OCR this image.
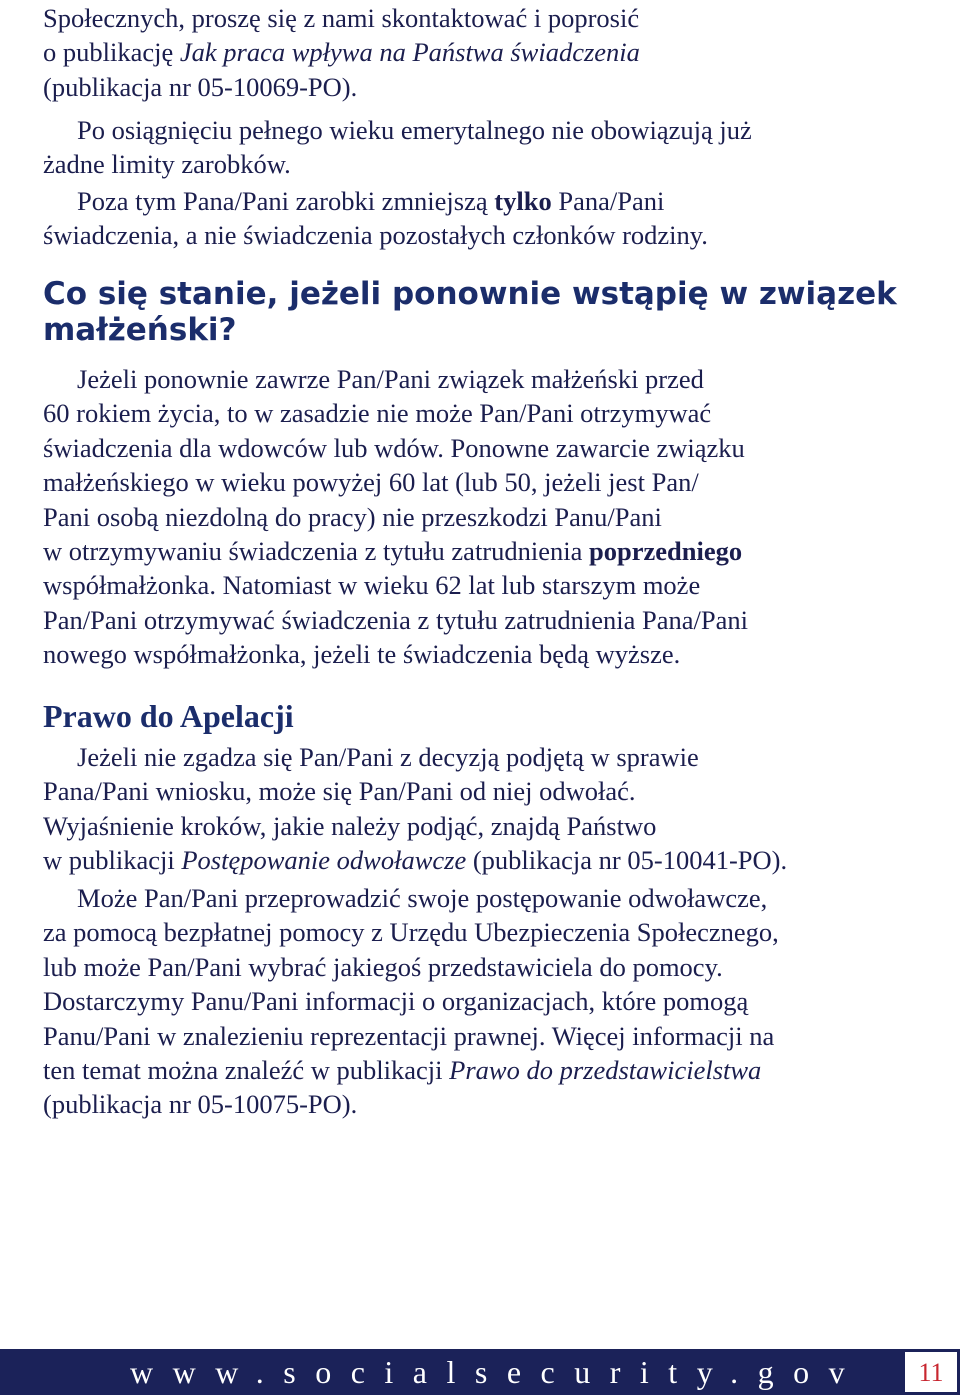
Społecznych, proszę się z nami skontaktować i poprosić
o publikację Jak praca wpływa na Państwa świadczenia
(publikacja nr 05-10069-PO).

Po osiągnięciu pełnego wieku emerytalnego nie obowiązują już
żadne limity zarobków.

Poza tym Pana/Pani zarobki zmniejszą tylko Pana/Pani
świadczenia, a nie świadczenia pozostałych członków rodziny.

Co się stanie, jeżeli ponownie wstąpię w związek
małżeński?

Jeżeli ponownie zawrze Pan/Pani związek małżeński przed
60 rokiem życia, to w zasadzie nie może Pan/Pani otrzymywać
świadczenia dla wdowców lub wdów. Ponowne zawarcie związku
małżeńskiego w wieku powyżej 60 lat (lub 50, jeżeli jest Pan/
Pani osobą niezdolną do pracy) nie przeszkodzi Panu/Pani
w otrzymywaniu świadczenia z tytułu zatrudnienia poprzedniego
współmałżonka. Natomiast w wieku 62 lat lub starszym może
Pan/Pani otrzymywać świadczenia z tytułu zatrudnienia Pana/Pani
nowego współmałżonka, jeżeli te świadczenia będą wyższe.

Prawo do Apelacji

Jeżeli nie zgadza się Pan/Pani z decyzją podjętą w sprawie
Pana/Pani wniosku, może się Pan/Pani od niej odwołać.
Wyjaśnienie kroków, jakie należy podjąć, znajdą Państwo
w publikacji Postępowanie odwoławcze (publikacja nr 05-10041-PO).

Może Pan/Pani przeprowadzić swoje postępowanie odwoławcze,
za pomocą bezpłatnej pomocy z Urzędu Ubezpieczenia Społecznego,
lub może Pan/Pani wybrać jakiegoś przedstawiciela do pomocy.
Dostarczymy Panu/Pani informacji o organizacjach, które pomogą
Panu/Pani w znalezieniu reprezentacji prawnej. Więcej informacji na
ten temat można znaleźć w publikacji Prawo do przedstawicielstwa
(publikacja nr 05-10075-PO).

www.socialsecurity.gov	11
